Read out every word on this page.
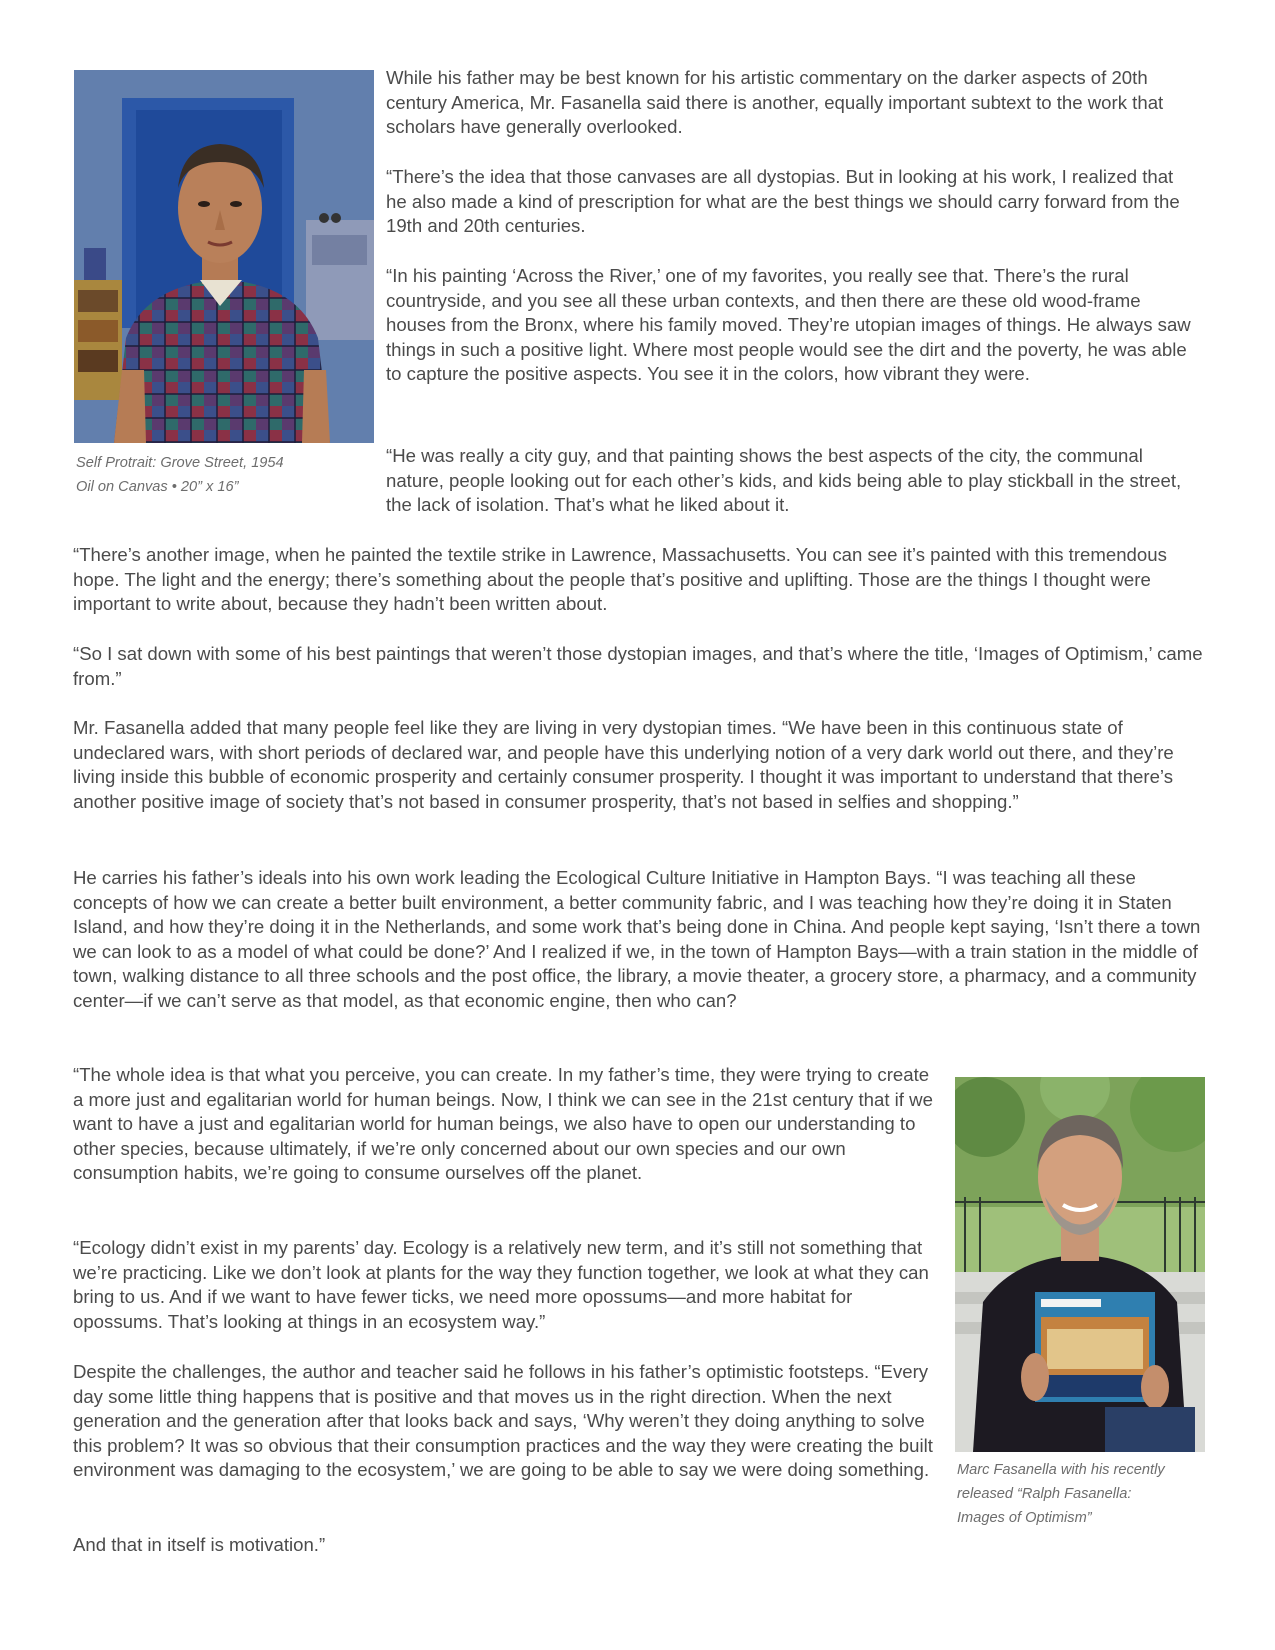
Self Protrait: Grove Street, 1954

Oil on Canvas • 20” x 16”

While his father may be best known for his artistic commentary on the darker aspects of 20th century America, Mr. Fasanella said there is another, equally important subtext to the work that scholars have generally overlooked.

“There’s the idea that those canvases are all dystopias. But in looking at his work, I realized that he also made a kind of prescription for what are the best things we should carry forward from the 19th and 20th centuries.

“In his painting ‘Across the River,’ one of my favorites, you really see that. There’s the rural countryside, and you see all these urban contexts, and then there are these old wood-frame houses from the Bronx, where his family moved. They’re utopian images of things. He always saw things in such a positive light. Where most people would see the dirt and the poverty, he was able to capture the positive aspects. You see it in the colors, how vibrant they were.

“He was really a city guy, and that painting shows the best aspects of the city, the communal nature, people looking out for each other’s kids, and kids being able to play stickball in the street, the lack of isolation. That’s what he liked about it.

“There’s another image, when he painted the textile strike in Lawrence, Massachusetts. You can see it’s painted with this tremendous hope. The light and the energy; there’s something about the people that’s positive and uplifting. Those are the things I thought were important to write about, because they hadn’t been written about.

“So I sat down with some of his best paintings that weren’t those dystopian images, and that’s where the title, ‘Images of Optimism,’ came from.”

Mr. Fasanella added that many people feel like they are living in very dystopian times. “We have been in this continuous state of undeclared wars, with short periods of declared war, and people have this underlying notion of a very dark world out there, and they’re living inside this bubble of economic prosperity and certainly consumer prosperity. I thought it was important to understand that there’s another positive image of society that’s not based in consumer prosperity, that’s not based in selfies and shopping.”

He carries his father’s ideals into his own work leading the Ecological Culture Initiative in Hampton Bays. “I was teaching all these concepts of how we can create a better built environment, a better community fabric, and I was teaching how they’re doing it in Staten Island, and how they’re doing it in the Netherlands, and some work that’s being done in China. And people kept saying, ‘Isn’t there a town we can look to as a model of what could be done?’ And I realized if we, in the town of Hampton Bays—with a train station in the middle of town, walking distance to all three schools and the post office, the library, a movie theater, a grocery store, a pharmacy, and a community center—if we can’t serve as that model, as that economic engine, then who can?

“The whole idea is that what you perceive, you can create. In my father’s time, they were trying to create a more just and egalitarian world for human beings. Now, I think we can see in the 21st century that if we want to have a just and egalitarian world for human beings, we also have to open our understanding to other species, because ultimately, if we’re only concerned about our own species and our own consumption habits, we’re going to consume ourselves off the planet.

“Ecology didn’t exist in my parents’ day. Ecology is a relatively new term, and it’s still not something that we’re practicing. Like we don’t look at plants for the way they function together, we look at what they can bring to us. And if we want to have fewer ticks, we need more opossums—and more habitat for opossums. That’s looking at things in an ecosystem way.”

Despite the challenges, the author and teacher said he follows in his father’s optimistic footsteps. “Every day some little thing happens that is positive and that moves us in the right direction. When the next generation and the generation after that looks back and says, ‘Why weren’t they doing anything to solve this problem? It was so obvious that their consumption practices and the way they were creating the built environment was damaging to the ecosystem,’ we are going to be able to say we were doing something.

And that in itself is motivation.”

Marc Fasanella with his recently

released “Ralph Fasanella:

Images of Optimism”
